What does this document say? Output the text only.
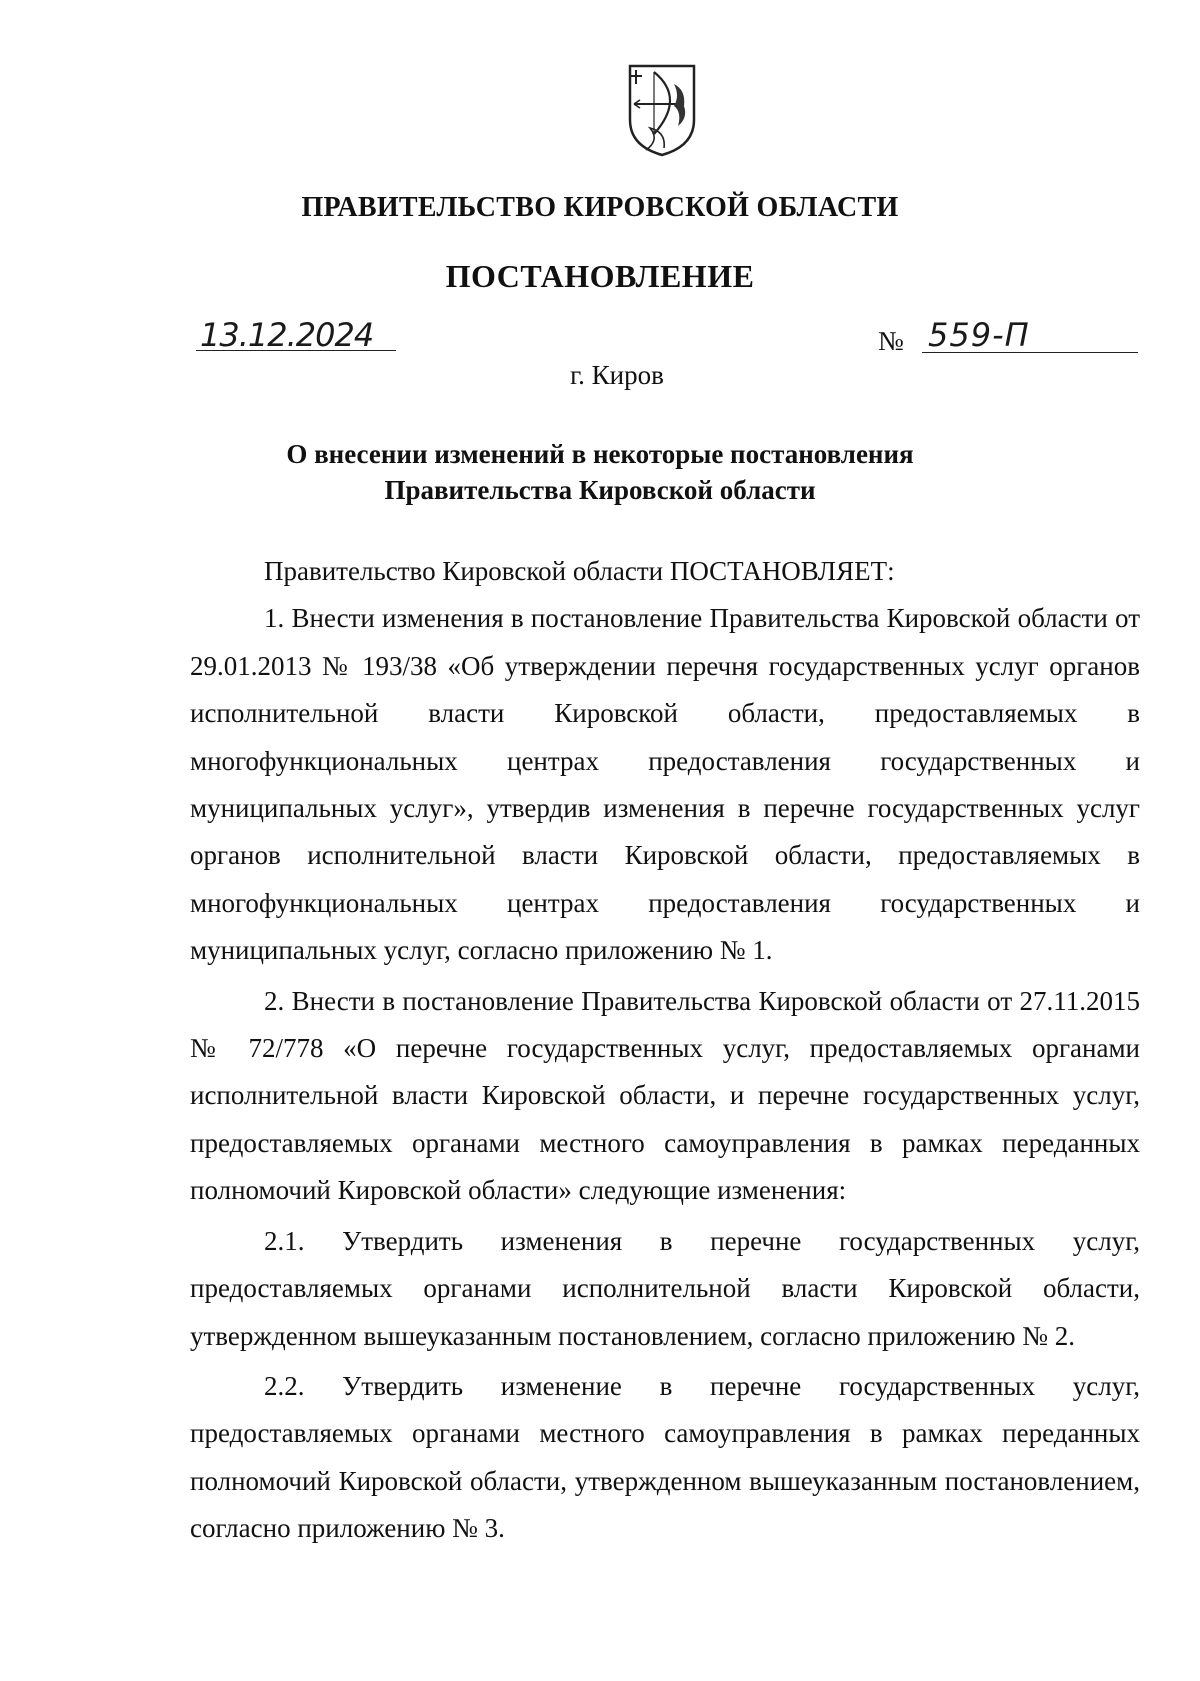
ПРАВИТЕЛЬСТВО КИРОВСКОЙ ОБЛАСТИ
ПОСТАНОВЛЕНИЕ
13.12.2024	№ 559-П
г. Киров
О внесении изменений в некоторые постановления
Правительства Кировской области

Правительство Кировской области ПОСТАНОВЛЯЕТ:

1. Внести изменения в постановление Правительства Кировской области от 29.01.2013 № 193/38 «Об утверждении перечня государственных услуг органов исполнительной власти Кировской области, предоставляемых в многофункциональных центрах предоставления государственных и муниципальных услуг», утвердив изменения в перечне государственных услуг органов исполнительной власти Кировской области, предоставляемых в многофункциональных центрах предоставления государственных и муниципальных услуг, согласно приложению № 1.

2. Внести в постановление Правительства Кировской области от 27.11.2015 № 72/778 «О перечне государственных услуг, предоставляемых органами исполнительной власти Кировской области, и перечне государственных услуг, предоставляемых органами местного самоуправления в рамках переданных полномочий Кировской области» следующие изменения:

2.1. Утвердить изменения в перечне государственных услуг, предоставляемых органами исполнительной власти Кировской области, утвержденном вышеуказанным постановлением, согласно приложению № 2.

2.2. Утвердить изменение в перечне государственных услуг, предоставляемых органами местного самоуправления в рамках переданных полномочий Кировской области, утвержденном вышеуказанным постановлением, согласно приложению № 3.
